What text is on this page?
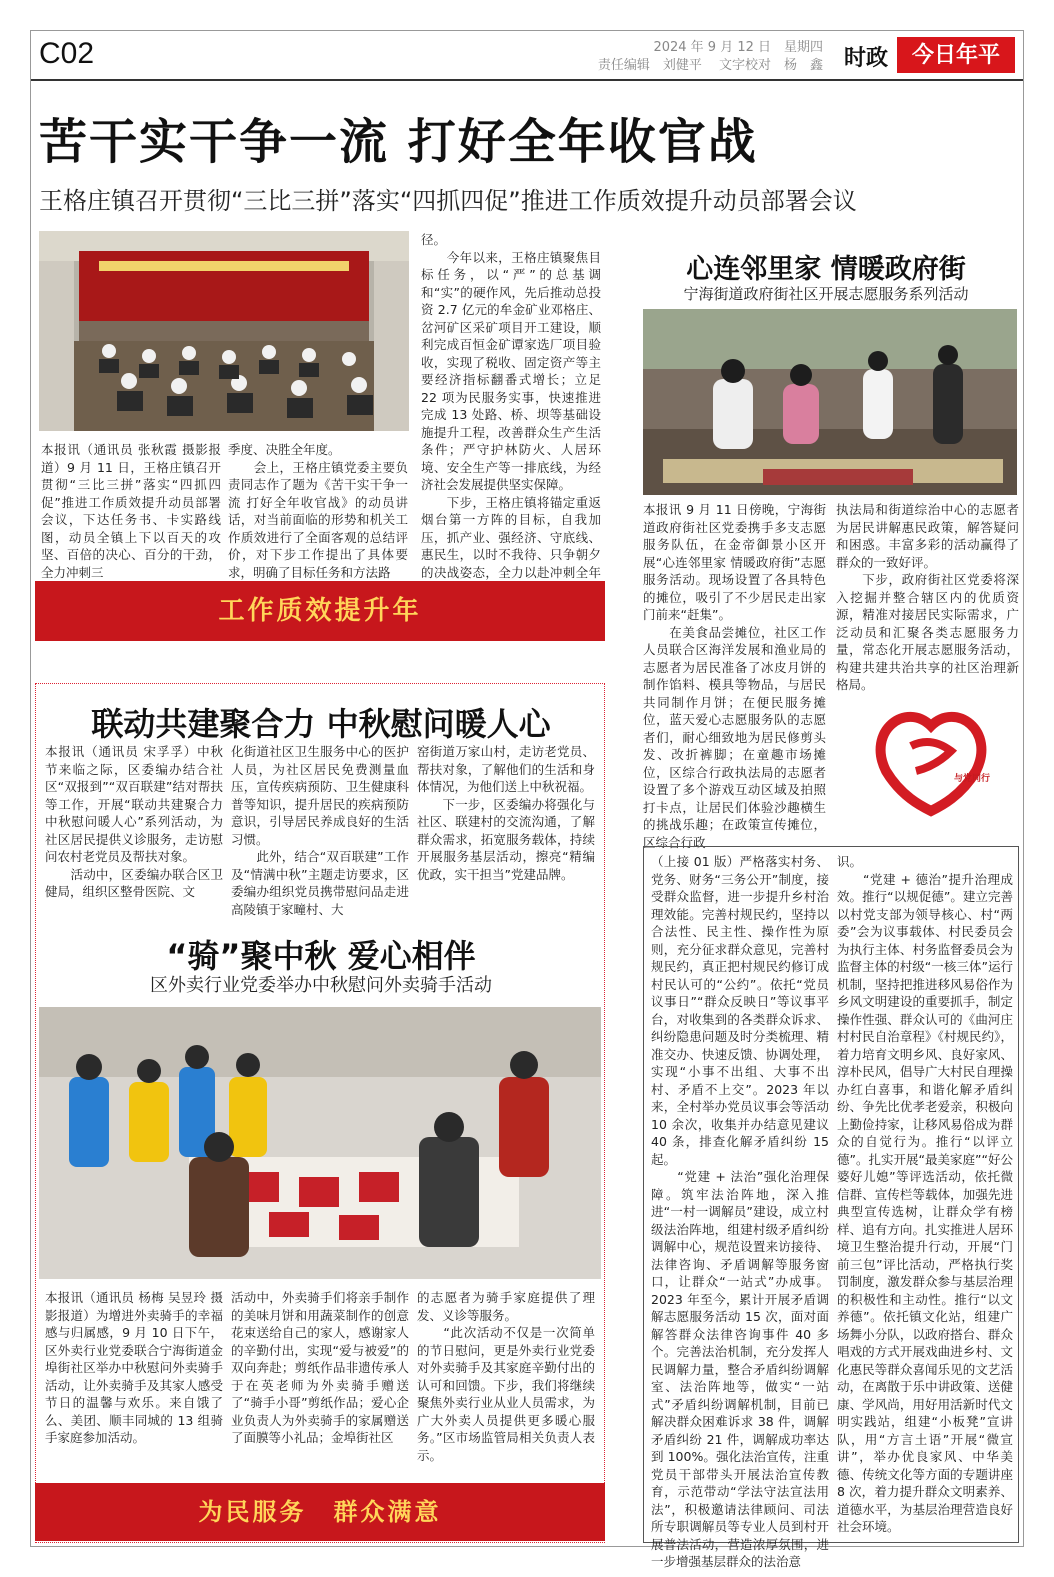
C02	2024 年 9 月 12 日　星期四
责任编辑　刘健平　 文字校对　杨　鑫 时政	今日年平
苦干实干争一流 打好全年收官战
王格庄镇召开贯彻“三比三拼”落实“四抓四促”推进工作质效提升动员部署会议
本报讯（通讯员 张秋霞 摄影报道）9 月 11 日，王格庄镇召开贯彻“三比三拼”落实“四抓四促”推进工作质效提升动员部署会议，下达任务书、卡实路线图，动员全镇上下以百天的攻坚、百倍的决心、百分的干劲，全力冲刺三
季度、决胜全年度。
　　会上，王格庄镇党委主要负责同志作了题为《苦干实干争一流 打好全年收官战》的动员讲话，对当前面临的形势和机关工作质效进行了全面客观的总结评价，对下步工作提出了具体要求，明确了目标任务和方法路
径。
　　今年以来，王格庄镇聚焦目标任务，以“严”的总基调和“实”的硬作风，先后推动总投资 2.7 亿元的牟金矿业邓格庄、岔河矿区采矿项目开工建设，顺利完成百恒金矿谭家选厂项目验收，实现了税收、固定资产等主要经济指标翻番式增长；立足 22 项为民服务实事，快速推进完成 13 处路、桥、坝等基础设施提升工程，改善群众生产生活条件；严守护林防火、人居环境、安全生产等一排底线，为经济社会发展提供坚实保障。
　　下步，王格庄镇将锚定重返烟台第一方阵的目标，自我加压，抓产业、强经济、守底线、惠民生，以时不我待、只争朝夕的决战姿态，全力以赴冲刺全年
工作质效提升年
心连邻里家 情暖政府街
宁海街道政府街社区开展志愿服务系列活动
本报讯 9 月 11 日傍晚，宁海街道政府街社区党委携手多支志愿服务队伍，在金帝御景小区开展“心连邻里家 情暖政府街”志愿服务活动。现场设置了各具特色的摊位，吸引了不少居民走出家门前来“赶集”。
　　在美食品尝摊位，社区工作人员联合区海洋发展和渔业局的志愿者为居民准备了冰皮月饼的制作馅料、模具等物品，与居民共同制作月饼；在便民服务摊位，蓝天爱心志愿服务队的志愿者们，耐心细致地为居民修剪头发、改折裤脚；在童趣市场摊位，区综合行政执法局的志愿者设置了多个游戏互动区域及拍照打卡点，让居民们体验沙趣横生的挑战乐趣；在政策宣传摊位，区综合行政
执法局和街道综治中心的志愿者为居民讲解惠民政策，解答疑问和困惑。丰富多彩的活动赢得了群众的一致好评。
　　下步，政府街社区党委将深入挖掘并整合辖区内的优质资源，精准对接居民实际需求，广泛动员和汇聚各类志愿服务力量，常态化开展志愿服务活动，构建共建共治共享的社区治理新格局。
与党同行
联动共建聚合力 中秋慰问暖人心
本报讯（通讯员 宋孚孚）中秋节来临之际，区委编办结合社区“双报到”“双百联建”结对帮扶等工作，开展“联动共建聚合力 中秋慰问暖人心”系列活动，为社区居民提供义诊服务，走访慰问农村老党员及帮扶对象。
　　活动中，区委编办联合区卫健局，组织区整骨医院、文
化街道社区卫生服务中心的医护人员，为社区居民免费测量血压，宣传疾病预防、卫生健康科普等知识，提升居民的疾病预防意识，引导居民养成良好的生活习惯。
　　此外，结合“双百联建”工作及“情满中秋”主题走访要求，区委编办组织党员携带慰问品走进高陵镇于家疃村、大
窑街道万家山村，走访老党员、帮扶对象，了解他们的生活和身体情况，为他们送上中秋祝福。
　　下一步，区委编办将强化与社区、联建村的交流沟通，了解群众需求，拓宽服务载体，持续开展服务基层活动，擦亮“精编优政，实干担当”党建品牌。
“骑”聚中秋 爱心相伴
区外卖行业党委举办中秋慰问外卖骑手活动
本报讯（通讯员 杨梅 吴昱玲 摄影报道）为增进外卖骑手的幸福感与归属感，9 月 10 日下午，区外卖行业党委联合宁海街道金埠街社区举办中秋慰问外卖骑手活动，让外卖骑手及其家人感受节日的温馨与欢乐。来自饿了么、美团、顺丰同城的 13 组骑手家庭参加活动。
活动中，外卖骑手们将亲手制作的美味月饼和用蔬菜制作的创意花束送给自己的家人，感谢家人的辛勤付出，实现“爱与被爱”的双向奔赴；剪纸作品非遗传承人于在英老师为外卖骑手赠送了“骑手小哥”剪纸作品；爱心企业负责人为外卖骑手的家属赠送了面膜等小礼品；金埠街社区
的志愿者为骑手家庭提供了理发、义诊等服务。
　　“此次活动不仅是一次简单的节日慰问，更是外卖行业党委对外卖骑手及其家庭辛勤付出的认可和回馈。下步，我们将继续聚焦外卖行业从业人员需求，为广大外卖人员提供更多暖心服务。”区市场监管局相关负责人表示。
为民服务　群众满意
（上接 01 版）严格落实村务、党务、财务“三务公开”制度，接受群众监督，进一步提升乡村治理效能。完善村规民约，坚持以合法性、民主性、操作性为原则，充分征求群众意见，完善村规民约，真正把村规民约修订成村民认可的“公约”。依托“党员议事日”“群众反映日”等议事平台，对收集到的各类群众诉求、纠纷隐患问题及时分类梳理、精准交办、快速反馈、协调处理，实现“小事不出组、大事不出村、矛盾不上交”。2023 年以来，全村举办党员议事会等活动 10 余次，收集并办结意见建议 40 条，排查化解矛盾纠纷 15 起。
　　“党建 + 法治”强化治理保障。筑牢法治阵地，深入推进“一村一调解员”建设，成立村级法治阵地，组建村级矛盾纠纷调解中心，规范设置来访接待、法律咨询、矛盾调解等服务窗口，让群众“一站式”办成事。2023 年至今，累计开展矛盾调解志愿服务活动 15 次，面对面解答群众法律咨询事件 40 多个。完善法治机制，充分发挥人民调解力量，整合矛盾纠纷调解室、法治阵地等，做实“一站式”矛盾纠纷调解机制，目前已解决群众困难诉求 38 件，调解矛盾纠纷 21 件，调解成功率达到 100%。强化法治宣传，注重党员干部带头开展法治宣传教育，示范带动“学法守法宣法用法”，积极邀请法律顾问、司法所专职调解员等专业人员到村开展普法活动，营造浓厚氛围，进一步增强基层群众的法治意
识。
　　“党建 + 德治”提升治理成效。推行“以规促德”。建立完善以村党支部为领导核心、村“两委”会为议事载体、村民委员会为执行主体、村务监督委员会为监督主体的村级“一核三体”运行机制，坚持把推进移风易俗作为乡风文明建设的重要抓手，制定操作性强、群众认可的《曲河庄村村民自治章程》《村规民约》，着力培育文明乡风、良好家风、淳朴民风，倡导广大村民自理操办红白喜事，和谐化解矛盾纠纷、争先比优孝老爱亲，积极向上勤俭持家，让移风易俗成为群众的自觉行为。推行“以评立德”。扎实开展“最美家庭”“好公婆好儿媳”等评选活动，依托微信群、宣传栏等载体，加强先进典型宣传选树，让群众学有榜样、追有方向。扎实推进人居环境卫生整治提升行动，开展“门前三包”评比活动，严格执行奖罚制度，激发群众参与基层治理的积极性和主动性。推行“以文养德”。依托镇文化站，组建广场舞小分队，以政府搭台、群众唱戏的方式开展戏曲进乡村、文化惠民等群众喜闻乐见的文艺活动，在离散于乐中讲政策、送健康、学风尚，用好用活新时代文明实践站，组建“小板凳”宣讲队，用“方言土语”开展“微宣讲”，举办优良家风、中华美德、传统文化等方面的专题讲座 8 次，着力提升群众文明素养、道德水平，为基层治理营造良好社会环境。
